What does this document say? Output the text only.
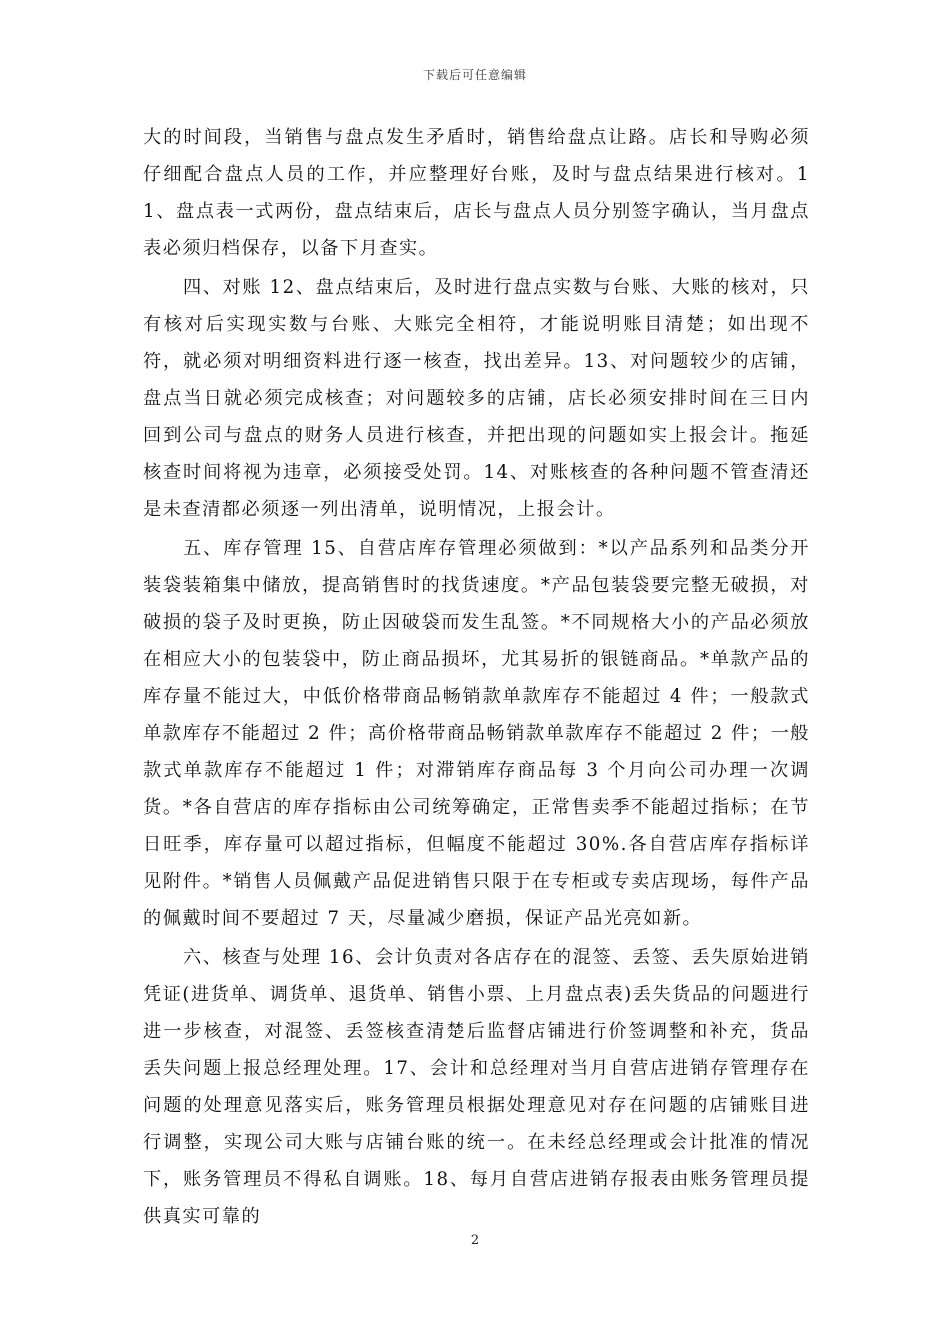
下载后可任意编辑

大的时间段，当销售与盘点发生矛盾时，销售给盘点让路。店长和导购必须仔细配合盘点人员的工作，并应整理好台账，及时与盘点结果进行核对。11、盘点表一式两份，盘点结束后，店长与盘点人员分别签字确认，当月盘点表必须归档保存，以备下月查实。

四、对账 12、盘点结束后，及时进行盘点实数与台账、大账的核对，只有核对后实现实数与台账、大账完全相符，才能说明账目清楚；如出现不符，就必须对明细资料进行逐一核查，找出差异。13、对问题较少的店铺，盘点当日就必须完成核查；对问题较多的店铺，店长必须安排时间在三日内回到公司与盘点的财务人员进行核查，并把出现的问题如实上报会计。拖延核查时间将视为违章，必须接受处罚。14、对账核查的各种问题不管查清还是未查清都必须逐一列出清单，说明情况，上报会计。

五、库存管理 15、自营店库存管理必须做到：*以产品系列和品类分开装袋装箱集中储放，提高销售时的找货速度。*产品包装袋要完整无破损，对破损的袋子及时更换，防止因破袋而发生乱签。*不同规格大小的产品必须放在相应大小的包装袋中，防止商品损坏，尤其易折的银链商品。*单款产品的库存量不能过大，中低价格带商品畅销款单款库存不能超过 4 件；一般款式单款库存不能超过 2 件；高价格带商品畅销款单款库存不能超过 2 件；一般款式单款库存不能超过 1 件；对滞销库存商品每 3 个月向公司办理一次调货。*各自营店的库存指标由公司统筹确定，正常售卖季不能超过指标；在节日旺季，库存量可以超过指标，但幅度不能超过 30%.各自营店库存指标详见附件。*销售人员佩戴产品促进销售只限于在专柜或专卖店现场，每件产品的佩戴时间不要超过 7 天，尽量减少磨损，保证产品光亮如新。

六、核查与处理 16、会计负责对各店存在的混签、丢签、丢失原始进销凭证(进货单、调货单、退货单、销售小票、上月盘点表)丢失货品的问题进行进一步核查，对混签、丢签核查清楚后监督店铺进行价签调整和补充，货品丢失问题上报总经理处理。17、会计和总经理对当月自营店进销存管理存在问题的处理意见落实后，账务管理员根据处理意见对存在问题的店铺账目进行调整，实现公司大账与店铺台账的统一。在未经总经理或会计批准的情况下，账务管理员不得私自调账。18、每月自营店进销存报表由账务管理员提供真实可靠的

2
